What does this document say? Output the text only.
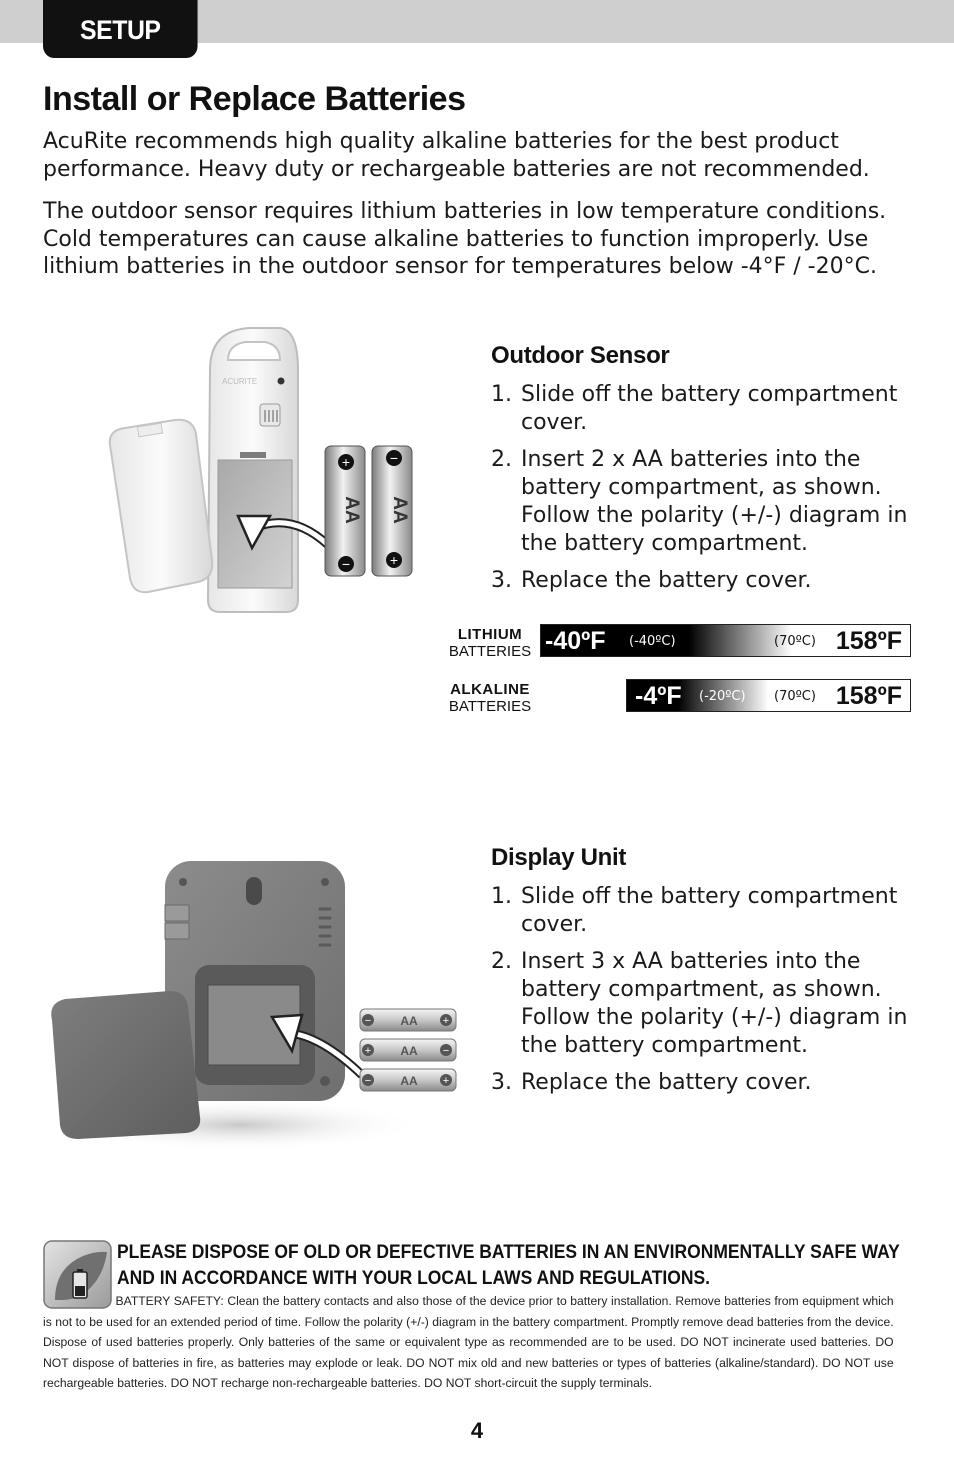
SETUP
Install or Replace Batteries
AcuRite recommends high quality alkaline batteries for the best product performance. Heavy duty or rechargeable batteries are not recommended.
The outdoor sensor requires lithium batteries in low temperature conditions. Cold temperatures can cause alkaline batteries to function improperly. Use lithium batteries in the outdoor sensor for temperatures below -4°F / -20°C.
ACURITE
+
−
−
+
AA AA
Outdoor Sensor
1. Slide off the battery compartment cover.
2. Insert 2 x AA batteries into the battery compartment, as shown. Follow the polarity (+/-) diagram in the battery compartment.
3. Replace the battery cover.
LITHIUM
BATTERIES -40ºF (-40ºC)	(70ºC) 158ºF
ALKALINE
BATTERIES	-4ºF (-20ºC) (70ºC) 158ºF
−	+
+	−
−	+
AA
AA
AA
Display Unit
1. Slide off the battery compartment cover.
2. Insert 3 x AA batteries into the battery compartment, as shown. Follow the polarity (+/-) diagram in the battery compartment.
3. Replace the battery cover.
PLEASE DISPOSE OF OLD OR DEFECTIVE BATTERIES IN AN ENVIRONMENTALLY SAFE WAY AND IN ACCORDANCE WITH YOUR LOCAL LAWS AND REGULATIONS.
BATTERY SAFETY: Clean the battery contacts and also those of the device prior to battery installation. Remove batteries from equipment which is not to be used for an extended period of time. Follow the polarity (+/-) diagram in the battery compartment. Promptly remove dead batteries from the device. Dispose of used batteries properly. Only batteries of the same or equivalent type as recommended are to be used. DO NOT incinerate used batteries. DO NOT dispose of batteries in fire, as batteries may explode or leak. DO NOT mix old and new batteries or types of batteries (alkaline/standard). DO NOT use rechargeable batteries. DO NOT recharge non-rechargeable batteries. DO NOT short-circuit the supply terminals.
4
